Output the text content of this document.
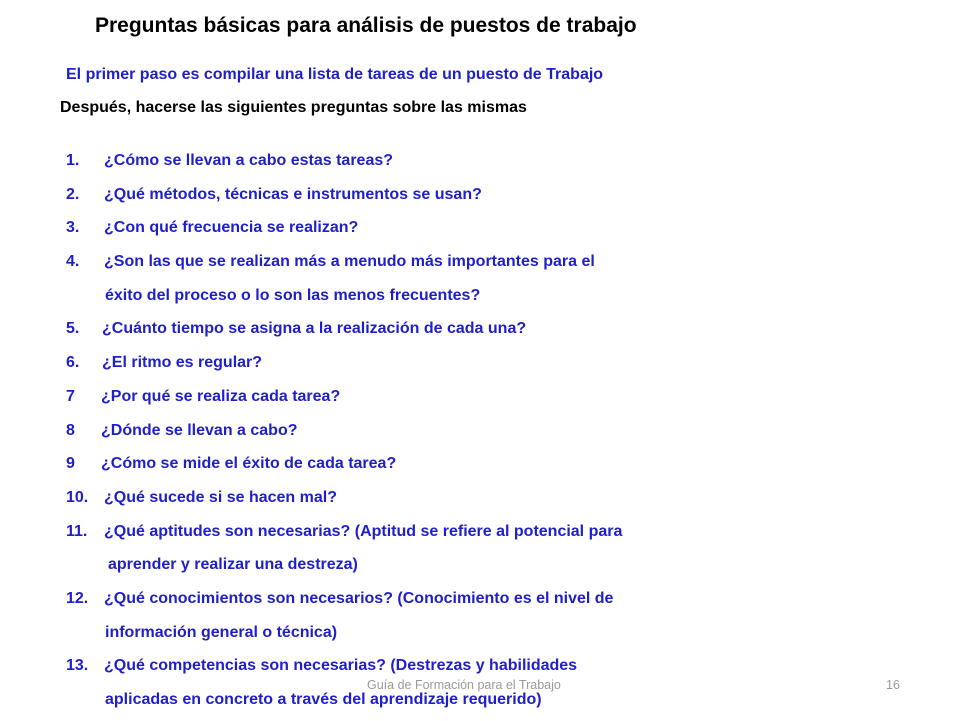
Preguntas básicas para análisis de puestos de trabajo
El primer paso es compilar una lista de tareas de un puesto de Trabajo
Después, hacerse las siguientes preguntas sobre las mismas
1. ¿Cómo se llevan a cabo estas tareas?
2. ¿Qué métodos, técnicas e instrumentos se usan?
3. ¿Con qué frecuencia se realizan?
4. ¿Son las que se realizan más a menudo más importantes para el
éxito del proceso o lo son las menos frecuentes?
5. ¿Cuánto tiempo se asigna a la realización de cada una?
6. ¿El ritmo es regular?
7 ¿Por qué se realiza cada tarea?
8 ¿Dónde se llevan a cabo?
9 ¿Cómo se mide el éxito de cada tarea?
10. ¿Qué sucede si se hacen mal?
11. ¿Qué aptitudes son necesarias? (Aptitud se refiere al potencial para
aprender y realizar una destreza)
12. ¿Qué conocimientos son necesarios? (Conocimiento es el nivel de
información general o técnica)
13. ¿Qué competencias son necesarias? (Destrezas y habilidades
aplicadas en concreto a través del aprendizaje requerido)
Guía de Formación para el Trabajo	16
